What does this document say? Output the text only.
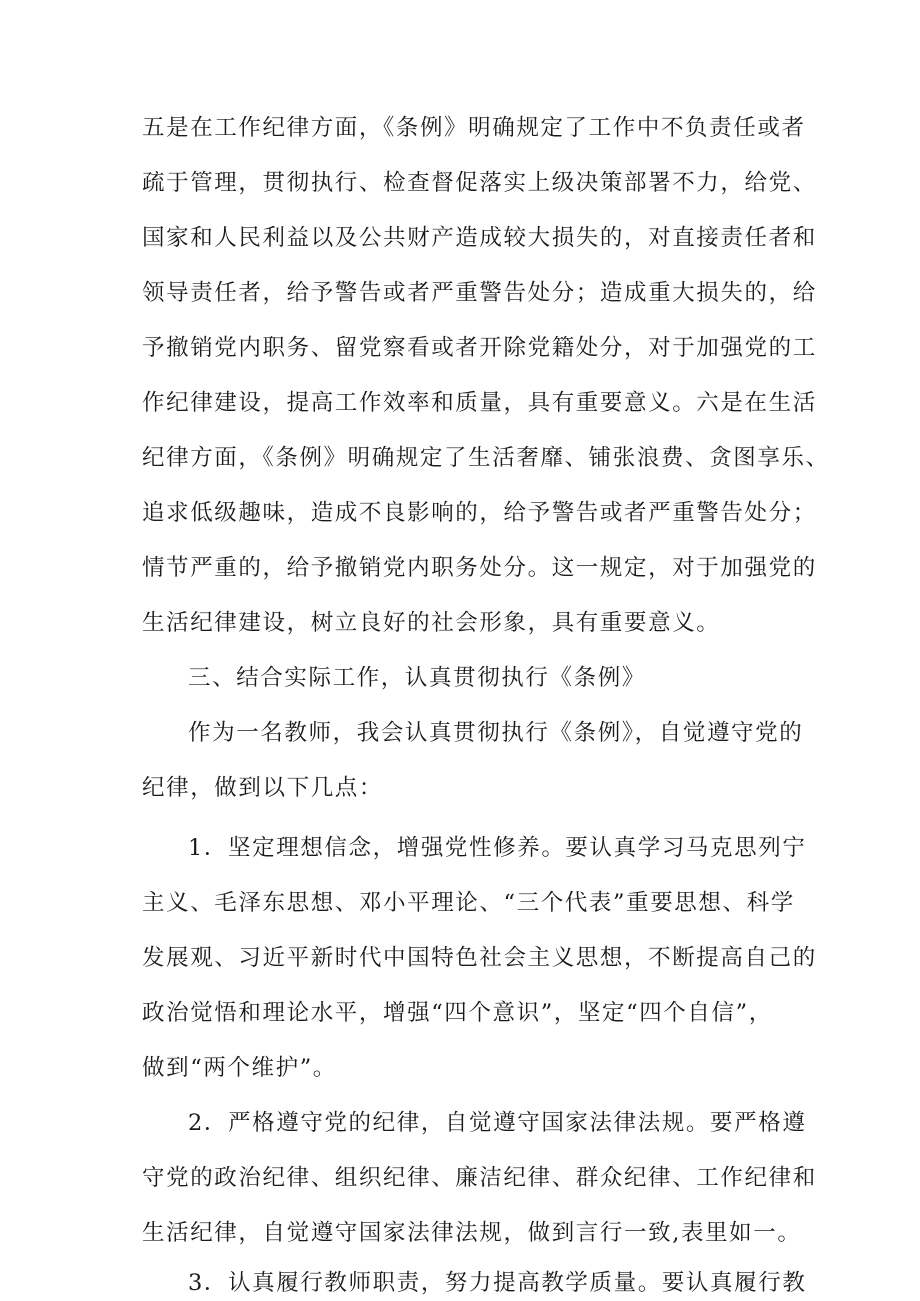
五是在工作纪律方面，《条例》明确规定了工作中不负责任或者
疏于管理，贯彻执行、检查督促落实上级决策部署不力，给党、
国家和人民利益以及公共财产造成较大损失的，对直接责任者和
领导责任者，给予警告或者严重警告处分；造成重大损失的，给
予撤销党内职务、留党察看或者开除党籍处分，对于加强党的工
作纪律建设，提高工作效率和质量，具有重要意义。六是在生活
纪律方面，《条例》明确规定了生活奢靡、铺张浪费、贪图享乐、
追求低级趣味，造成不良影响的，给予警告或者严重警告处分；
情节严重的，给予撤销党内职务处分。这一规定，对于加强党的
生活纪律建设，树立良好的社会形象，具有重要意义。
三、结合实际工作，认真贯彻执行《条例》
作为一名教师，我会认真贯彻执行《条例》，自觉遵守党的
纪律，做到以下几点：
1．坚定理想信念，增强党性修养。要认真学习马克思列宁
主义、毛泽东思想、邓小平理论、“三个代表”重要思想、科学
发展观、习近平新时代中国特色社会主义思想，不断提高自己的
政治觉悟和理论水平，增强“四个意识”，坚定“四个自信”，
做到“两个维护”。
2．严格遵守党的纪律，自觉遵守国家法律法规。要严格遵
守党的政治纪律、组织纪律、廉洁纪律、群众纪律、工作纪律和
生活纪律，自觉遵守国家法律法规，做到言行一致,表里如一。
3．认真履行教师职责，努力提高教学质量。要认真履行教
